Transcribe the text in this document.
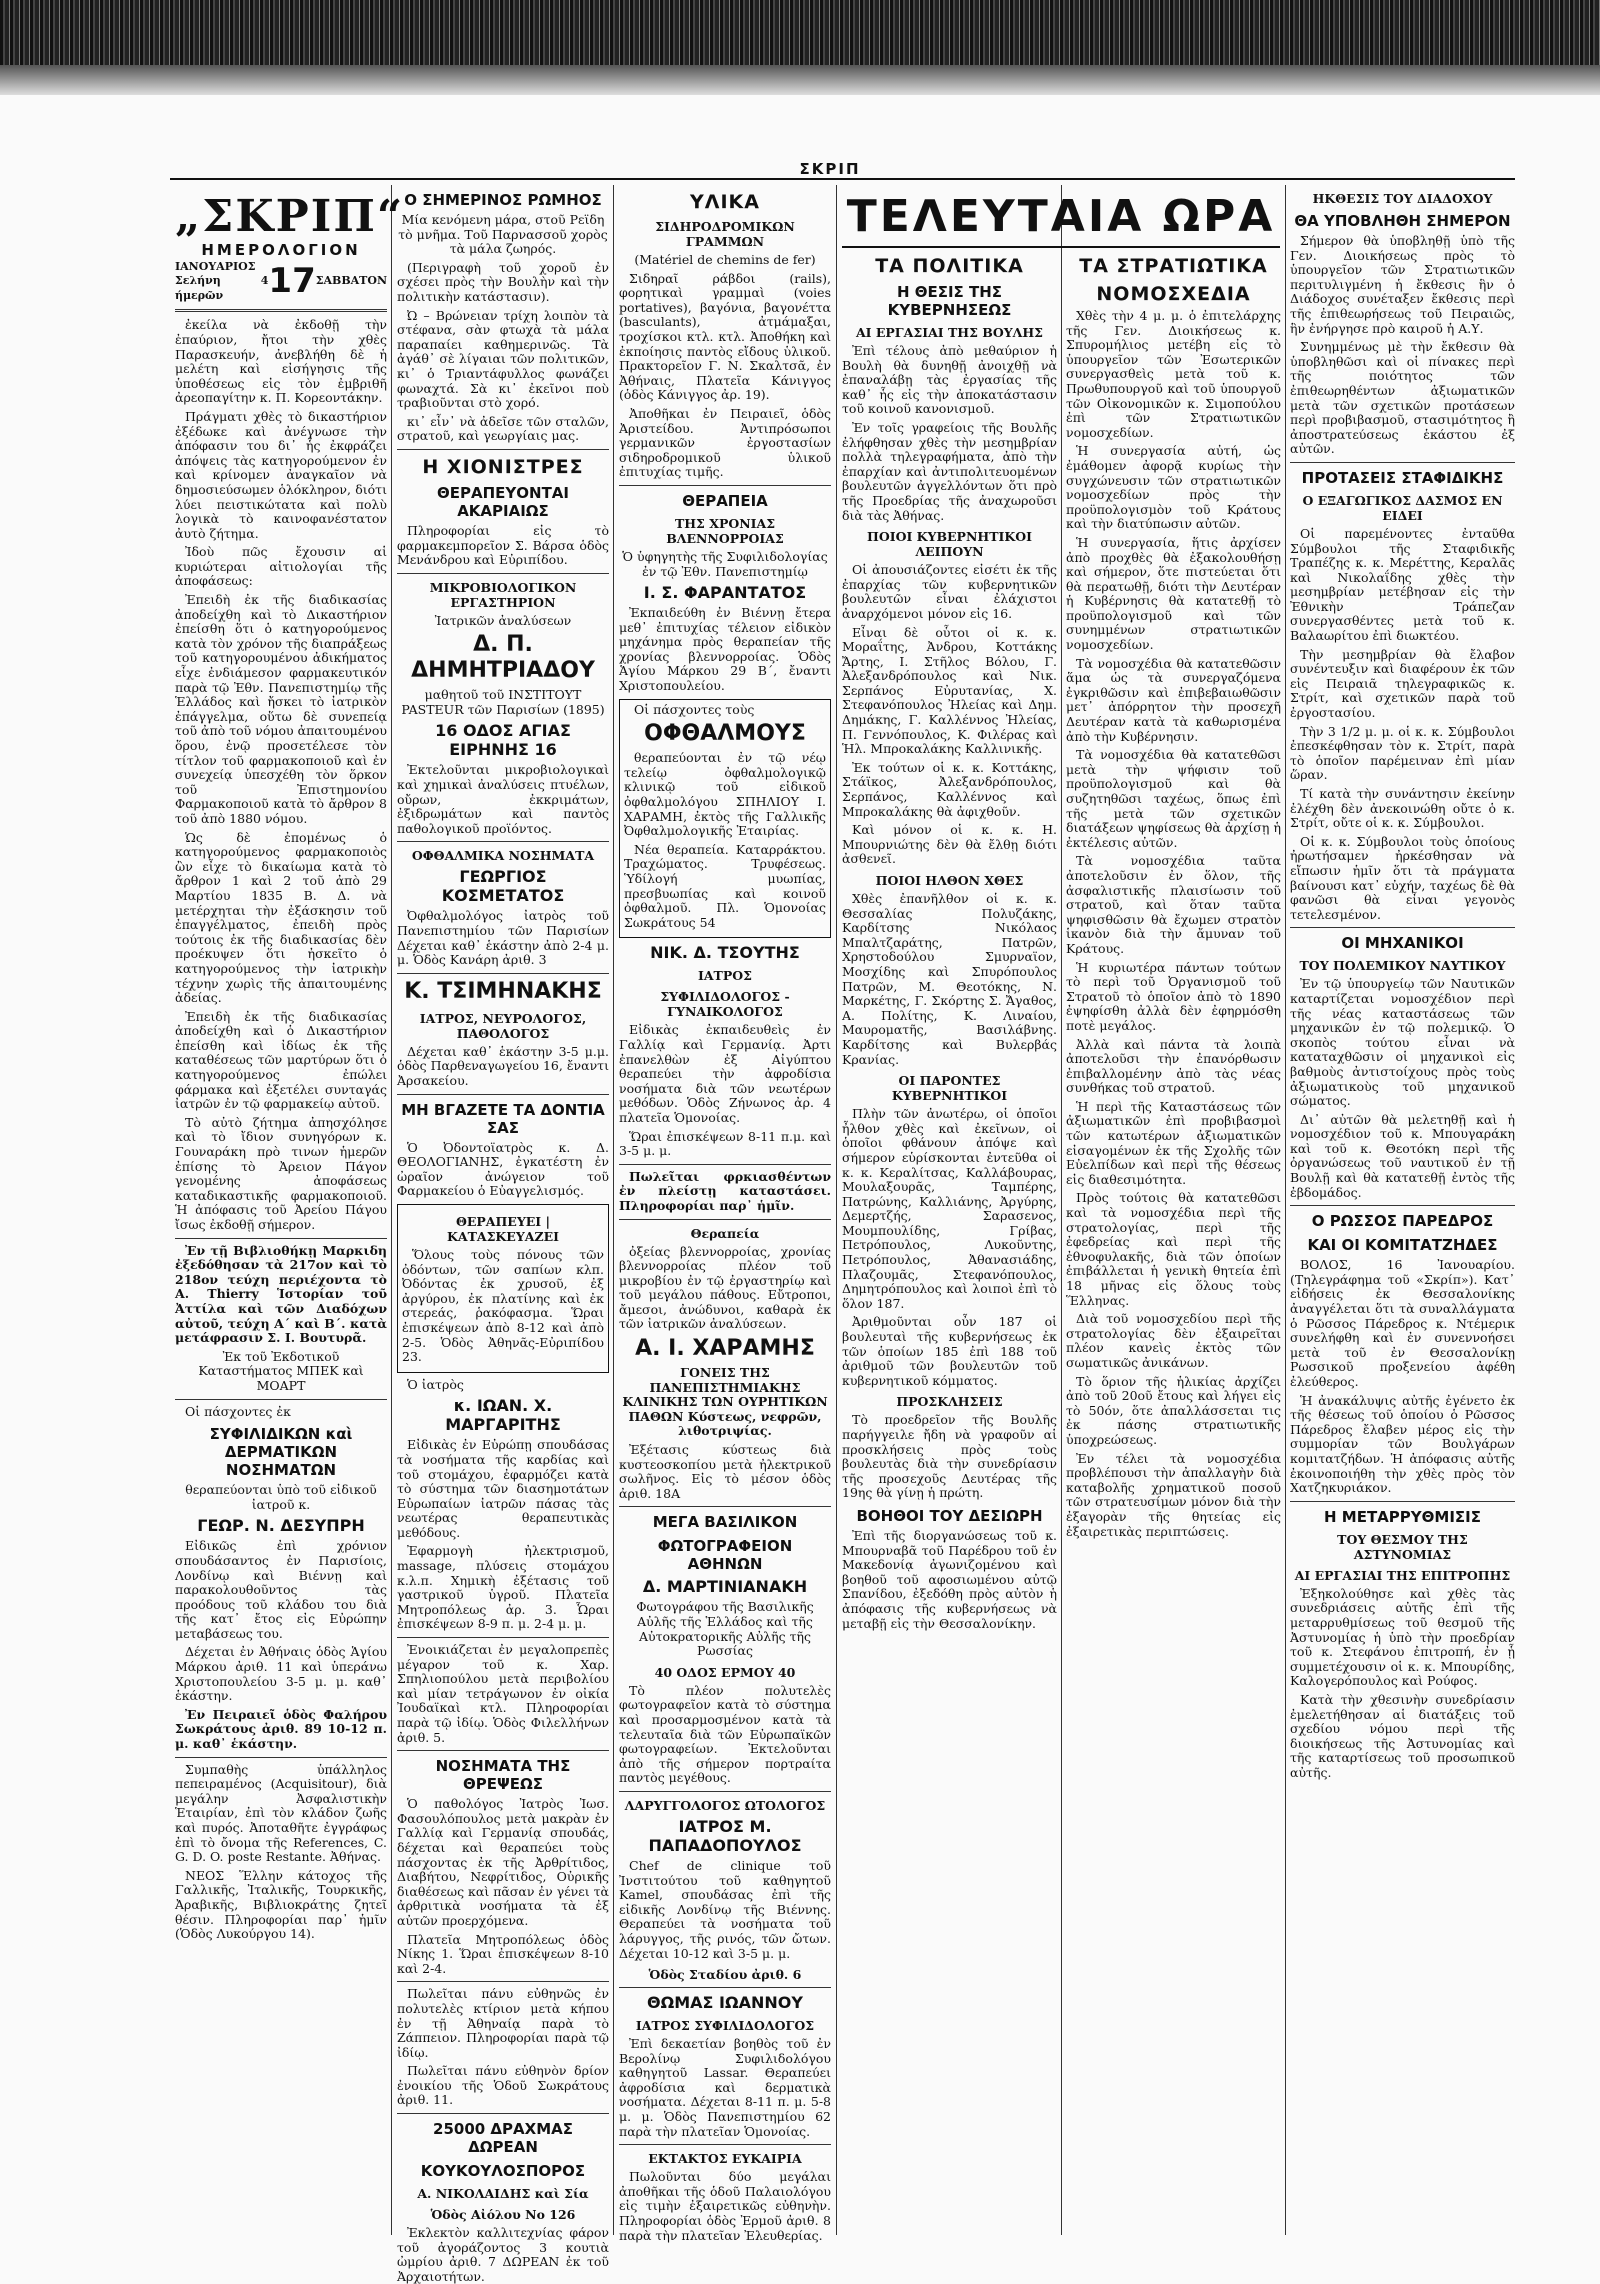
ΣΚΡΙΠ
„ΣΚΡΙΠ“
ΗΜΕΡΟΛΟΓΙΟΝ
ΙΑΝΟΥΑΡΙΟΣ
Σελήνη 4 ήμερῶν	17 ΣΑΒΒΑΤΟΝ

ἐκείλα νὰ ἐκδοθῇ τὴν ἐπαύριον, ἤτοι τὴν χθὲς Παρασκευήν, ἀνεβλήθη δὲ ἡ μελέτη καὶ εἰσήγησις τῆς ὑποθέσεως εἰς τὸν ἐμβριθῆ ἀρεοπαγίτην κ. Π. Κορεοντάκην.

Πράγματι χθὲς τὸ δικαστήριον ἐξέδωκε καὶ ἀνέγνωσε τὴν ἀπόφασιν του δι᾿ ἧς ἐκφράζει ἀπόψεις τὰς κατηγορούμενον ἐν καὶ κρίνομεν ἀναγκαῖον νὰ δημοσιεύσωμεν ὁλόκληρον, διότι λύει πειστικώτατα καὶ πολὺ λογικὰ τὸ καινοφανέστατον ἀυτὸ ζήτημα.

Ἰδοὺ πῶς ἔχουσιν αἱ κυριώτεραι αἰτιολογίαι τῆς ἀποφάσεως:

Ἐπειδὴ ἐκ τῆς διαδικασίας ἀποδείχθη καὶ τὸ Δικαστήριον ἐπείσθη ὅτι ὁ κατηγορούμενος κατὰ τὸν χρόνον τῆς διαπράξεως τοῦ κατηγορουμένου ἀδικήματος εἶχε ἐνδιάμεσον φαρμακευτικόν παρὰ τῷ Ἐθν. Πανεπιστημίῳ τῆς Ἑλλάδος καὶ ἤσκει τὸ ἰατρικὸν ἐπάγγελμα, οὕτω δὲ συνεπείᾳ τοῦ ἀπὸ τοῦ νόμου ἀπαιτουμένου ὅρου, ἐνῷ προσετέλεσε τὸν τίτλον τοῦ φαρμακοποιοῦ καὶ ἐν συνεχείᾳ ὑπεσχέθη τὸν ὅρκον τοῦ Ἐπιστημονίου Φαρμακοποιοῦ κατὰ τὸ ἄρθρον 8 τοῦ ἀπὸ 1880 νόμου.

Ὡς δὲ ἐπομένως ὁ κατηγορούμενος φαρμακοποιὸς ὢν εἶχε τὸ δικαίωμα κατὰ τὸ ἄρθρον 1 καὶ 2 τοῦ ἀπὸ 29 Μαρτίου 1835 Β. Δ. νὰ μετέρχηται τὴν ἐξάσκησιν τοῦ ἐπαγγέλματος, ἐπειδὴ πρὸς τούτοις ἐκ τῆς διαδικασίας δὲν προέκυψεν ὅτι ἠσκεῖτο ὁ κατηγορούμενος τὴν ἰατρικὴν τέχνην χωρὶς τῆς ἀπαιτουμένης ἀδείας.

Ἐπειδὴ ἐκ τῆς διαδικασίας ἀποδείχθη καὶ ὁ Δικαστήριον ἐπείσθη καὶ ἰδίως ἐκ τῆς καταθέσεως τῶν μαρτύρων ὅτι ὁ κατηγορούμενος ἐπώλει φάρμακα καὶ ἐξετέλει συνταγάς ἰατρῶν ἐν τῷ φαρμακείῳ αὐτοῦ.

Τὸ αὐτὸ ζήτημα ἀπησχόλησε καὶ τὸ ἴδιον συνηγόρων κ. Γουναράκη πρὸ τινων ἡμερῶν ἐπίσης τὸ Ἀρειον Πάγον γενομένης ἀποφάσεως καταδικαστικῆς φαρμακοποιοῦ. Ἡ ἀπόφασις τοῦ Ἀρείου Πάγου ἴσως ἐκδοθῇ σήμερον.

Ἐν τῇ Βιβλιοθήκῃ Μαρκιδη ἐξεδόθησαν τὰ 217ον καὶ τὸ 218ον τεύχη περιέχοντα τὸ A. Thierry Ἱστορίαν τοῦ Ἀττίλα καὶ τῶν Διαδόχων αὐτοῦ, τεύχη Α΄ καὶ Β΄. κατὰ μετάφρασιν Σ. Ι. Βουτυρᾶ.

Ἐκ τοῦ Ἐκδοτικοῦ Καταστήματος ΜΠΕΚ καὶ ΜΟΑΡΤ

Οἱ πάσχοντες ἐκ

ΣΥΦΙΛΙΔΙΚΩΝ καὶ ΔΕΡΜΑΤΙΚΩΝ ΝΟΣΗΜΑΤΩΝ

θεραπεύονται ὑπὸ τοῦ εἰδικοῦ ἰατροῦ κ.

ΓΕΩΡ. Ν. ΔΕΣΥΠΡΗ

Εἰδικῶς ἐπὶ χρόνιον σπουδάσαντος ἐν Παρισίοις, Λονδίνῳ καὶ Βιέννῃ καὶ παρακολουθοῦντος τὰς προόδους τοῦ κλάδου του διὰ τῆς κατ᾿ ἔτος εἰς Εὐρώπην μεταβάσεως του.

Δέχεται ἐν Ἀθήναις ὁδὸς Ἁγίου Μάρκου ἀριθ. 11 καὶ ὑπεράνω Χριστοπουλείου 3-5 μ. μ. καθ᾿ ἑκάστην.

Ἐν Πειραιεῖ ὁδὸς Φαλήρου Σωκράτους ἀριθ. 89 10-12 π. μ. καθ᾿ ἑκάστην.

Συμπαθὴς ὑπάλληλος πεπειραμένος (Acquisitour), διὰ μεγάλην Ἀσφαλιστικὴν Ἑταιρίαν, ἐπὶ τὸν κλάδον ζωῆς καὶ πυρός. Ἀποταθῆτε ἐγγράφως ἐπὶ τὸ ὄνομα τῆς References, C. G. D. O. poste Restante. Ἀθήνας.

ΝΕΟΣ Ἕλλην κάτοχος τῆς Γαλλικῆς, Ἰταλικῆς, Τουρκικῆς, Ἀραβικῆς, Βιβλιοκράτης ζητεῖ θέσιν. Πληροφορίαι παρ᾿ ἡμῖν (Ὁδὸς Λυκούργου 14).

Ο ΣΗΜΕΡΙΝΟΣ ΡΩΜΗΟΣ

Μία κενόμενη μάρα, στοῦ Ρεϊδη τὸ μνῆμα. Τοῦ Παρνασσοῦ χορὸς τὰ μάλα ζωηρός.

(Περιγραφὴ τοῦ χοροῦ ἐν σχέσει πρὸς τὴν Βουλὴν καὶ τὴν πολιτικὴν κατάστασιν).

Ὠ – Βρώνειαν τρίχη λοιπὸν τὰ στέφανα, σὰν φτωχὰ τὰ μάλα παραπαίει καθημερινῶς. Τὰ ἀγάθ᾿ σὲ λίγαιαι τῶν πολιτικῶν, κι᾿ ὁ Τριαντάφυλλος φωνάζει φωναχτά. Σὰ κι᾿ ἐκεῖνοι ποὺ τραβιοῦνται στὸ χορό.

κι᾿ εἶν᾿ νὰ ἀδεῖσε τῶν σταλῶν, στρατοῦ, καὶ γεωργίαις μας.

Η ΧΙΟΝΙΣΤΡΕΣ
ΘΕΡΑΠΕΥΟΝΤΑΙ ΑΚΑΡΙΑΙΩΣ

Πληροφορίαι εἰς τὸ φαρμακεμπορεῖον Σ. Βάρσα ὁδὸς Μενάνδρου καὶ Εὐριπίδου.

ΜΙΚΡΟΒΙΟΛΟΓΙΚΟΝ ΕΡΓΑΣΤΗΡΙΟΝ

Ἰατρικῶν ἀναλύσεων

Δ. Π. ΔΗΜΗΤΡΙΑΔΟΥ

μαθητοῦ τοῦ ΙΝΣΤΙΤΟΥΤ PASTEUR τῶν Παρισίων (1895)

16 ΟΔΟΣ ΑΓΙΑΣ ΕΙΡΗΝΗΣ 16

Ἐκτελοῦνται μικροβιολογικαὶ καὶ χημικαὶ ἀναλύσεις πτυέλων, οὔρων, ἐκκριμάτων, ἐξιδρωμάτων καὶ παντὸς παθολογικοῦ προϊόντος.

ΟΦΘΑΛΜΙΚΑ ΝΟΣΗΜΑΤΑ
ΓΕΩΡΓΙΟΣ ΚΟΣΜΕΤΑΤΟΣ

Ὀφθαλμολόγος ἰατρὸς τοῦ Πανεπιστημίου τῶν Παρισίων Δέχεται καθ᾿ ἑκάστην ἀπὸ 2-4 μ. μ. Ὁδὸς Κανάρη ἀριθ. 3

Κ. ΤΣΙΜΗΝΑΚΗΣ
ΙΑΤΡΟΣ, ΝΕΥΡΟΛΟΓΟΣ, ΠΑΘΟΛΟΓΟΣ

Δέχεται καθ᾿ ἑκάστην 3-5 μ.μ. ὁδὸς Παρθεναγωγείου 16, ἔναντι Ἀρσακείου.

ΜΗ ΒΓΑΖΕΤΕ ΤΑ ΔΟΝΤΙΑ ΣΑΣ

Ὁ Ὀδοντοϊατρὸς κ. Δ. ΘΕΟΛΟΓΙΑΝΗΣ, ἐγκατέστη ἐν ὠραῖον ἀνώγειον τοῦ Φαρμακείου ὁ Εὐαγγελισμός.

ΘΕΡΑΠΕΥΕΙ | ΚΑΤΑΣΚΕΥΑΖΕΙ

Ὅλους τοὺς πόνους τῶν ὀδόντων, τῶν σαπίων κλπ. Ὀδόντας ἐκ χρυσοῦ, ἐξ ἀργύρου, ἐκ πλατίνης καὶ ἐκ στερεάς, ῥακόφασμα. Ὥραι ἐπισκέψεων ἀπὸ 8-12 καὶ ἀπὸ 2-5. Ὁδὸς Ἀθηνᾶς-Εὐριπίδου 23.

Ὁ ἰατρὸς

κ. ΙΩΑΝ. Χ. ΜΑΡΓΑΡΙΤΗΣ

Εἰδικὰς ἐν Εὐρώπῃ σπουδάσας τὰ νοσήματα τῆς καρδίας καὶ τοῦ στομάχου, ἐφαρμόζει κατὰ τὸ σύστημα τῶν διασημοτάτων Εὐρωπαίων ἰατρῶν πάσας τὰς νεωτέρας θεραπευτικὰς μεθόδους.

Ἐφαρμογὴ ἠλεκτρισμοῦ, massage, πλύσεις στομάχου κ.λ.π. Χημικὴ ἐξέτασις τοῦ γαστρικοῦ ὑγροῦ. Πλατεῖα Μητροπόλεως ἀρ. 3. Ὧραι ἐπισκέψεων 8-9 π. μ. 2-4 μ. μ.

Ἐνοικιάζεται ἐν μεγαλοπρεπὲς μέγαρον τοῦ κ. Χαρ. Σπηλιοπούλου μετὰ περιβολίου καὶ μίαν τετράγωνον ἐν οἰκία Ἰουδαϊκαὶ κτλ. Πληροφορίαι παρὰ τῷ ἰδίῳ. Ὁδὸς Φιλελλήνων ἀριθ. 5.

ΝΟΣΗΜΑΤΑ ΤΗΣ ΘΡΕΨΕΩΣ

Ὁ παθολόγος Ἰατρὸς Ἰωσ. Φασουλόπουλος μετὰ μακρὰν ἐν Γαλλίᾳ καὶ Γερμανίᾳ σπουδάς, δέχεται καὶ θεραπεύει τοὺς πάσχοντας ἐκ τῆς Ἀρθρίτιδος, Διαβήτου, Νεφρίτιδος, Οὐρικῆς διαθέσεως καὶ πᾶσαν ἐν γένει τὰ ἀρθριτικὰ νοσήματα τὰ ἐξ αὐτῶν προερχόμενα.

Πλατεῖα Μητροπόλεως ὁδὸς Νίκης 1. Ὥραι ἐπισκέψεων 8-10 καὶ 2-4.

Πωλεῖται πάνυ εὐθηνῶς ἐν πολυτελὲς κτίριον μετὰ κήπου ἐν τῇ Ἀθηναίᾳ παρὰ τὸ Ζάππειον. Πληροφορίαι παρὰ τῷ ἰδίῳ.

Πωλεῖται πάνυ εὐθηνὸν δρίον ἐνοικίου τῆς Ὁδοῦ Σωκράτους ἀριθ. 11.

25000 ΔΡΑΧΜΑΣ ΔΩΡΕΑΝ
ΚΟΥΚΟΥΛΟΣΠΟΡΟΣ
Α. ΝΙΚΟΛΑΙΔΗΣ καὶ Σία
Ὁδὸς Αἰόλου Νο 126

Ἐκλεκτὸν καλλιτεχνίας φάρον τοῦ ἀγοράζοντος 3 κουτιὰ ὠμρίου ἀριθ. 7 ΔΩΡΕΑΝ ἐκ τοῦ Ἀρχαιοτήτων.

ΥΛΙΚΑ
ΣΙΔΗΡΟΔΡΟΜΙΚΩΝ ΓΡΑΜΜΩΝ

(Matériel de chemins de fer)

Σιδηραῖ ράβδοι (rails), φορητικαὶ γραμμαὶ (voies portatives), βαγόνια, βαγονέττα (basculants), ἀτμάμαξαι, τροχίσκοι κτλ. κτλ. Ἀποθήκη καὶ ἐκποίησις παντὸς εἴδους ὑλικοῦ. Πρακτορεῖον Γ. Ν. Σκαλτσᾶ, ἐν Ἀθήναις, Πλατεῖα Κάνιγγος (ὁδὸς Κάνιγγος ἀρ. 19).

Ἀποθῆκαι ἐν Πειραιεῖ, ὁδὸς Ἀριστείδου. Ἀντιπρόσωποι γερμανικῶν ἐργοστασίων σιδηροδρομικοῦ ὑλικοῦ ἐπιτυχίας τιμῆς.

ΘΕΡΑΠΕΙΑ
ΤΗΣ ΧΡΟΝΙΑΣ ΒΛΕΝΝΟΡΡΟΙΑΣ

Ὁ ὑφηγητὴς τῆς Συφιλιδολογίας ἐν τῷ Ἐθν. Πανεπιστημίῳ

Ι. Σ. ΦΑΡΑΝΤΑΤΟΣ

Ἐκπαιδεύθη ἐν Βιέννῃ ἔτερα μεθ᾿ ἐπιτυχίας τέλειον εἰδικὸν μηχάνημα πρὸς θεραπείαν τῆς χρονίας βλεννορροίας. Ὁδὸς Ἁγίου Μάρκου 29 Β΄, ἔναντι Χριστοπουλείου.

Οἱ πάσχοντες τοὺς

ΟΦΘΑΛΜΟΥΣ

θεραπεύονται ἐν τῷ νέῳ τελείῳ ὀφθαλμολογικῷ κλινικῷ τοῦ εἰδικοῦ ὀφθαλμολόγου ΣΠΗΛΙΟΥ Ι. ΧΑΡΑΜΗ, ἐκτὸς τῆς Γαλλικῆς Ὀφθαλμολογικῆς Ἑταιρίας.

Νέα θεραπεία. Καταρράκτου. Τραχώματος. Τρυφέσεως. Ὑδίλογή μυωπίας, πρεσβυωπίας καὶ κοινοῦ ὀφθαλμοῦ. Πλ. Ὁμονοίας Σωκράτους 54

ΝΙΚ. Δ. ΤΣΟΥΤΗΣ
ΙΑΤΡΟΣ
ΣΥΦΙΛΙΔΟΛΟΓΟΣ - ΓΥΝΑΙΚΟΛΟΓΟΣ

Εἰδικὰς ἐκπαιδευθεὶς ἐν Γαλλίᾳ καὶ Γερμανίᾳ. Ἀρτι ἐπανελθὼν ἐξ Αἰγύπτου θεραπεύει τὴν ἀφροδίσια νοσήματα διὰ τῶν νεωτέρων μεθόδων. Ὁδὸς Ζήνωνος ἀρ. 4 πλατεῖα Ὁμονοίας.

Ὥραι ἐπισκέψεων 8-11 π.μ. καὶ 3-5 μ. μ.

Πωλεῖται φρκιασθέντων ἐν πλείστῃ καταστάσει. Πληροφορίαι παρ᾿ ἡμῖν.

Θεραπεία

ὀξείας βλεννορροίας, χρονίας βλεννορροίας πλέον τοῦ μικροβίου ἐν τῷ ἐργαστηρίῳ καὶ τοῦ μεγάλου πάθους. Εὔτροποι, ἄμεσοι, ἀνώδυνοι, καθαρὰ ἐκ τῶν ἰατρικῶν ἀναλύσεων.

Α. Ι. ΧΑΡΑΜΗΣ

ΓΟΝΕΙΣ ΤΗΣ ΠΑΝΕΠΙΣΤΗΜΙΑΚΗΣ ΚΛΙΝΙΚΗΣ ΤΩΝ ΟΥΡΗΤΙΚΩΝ ΠΑΘΩΝ Κύστεως, νεφρῶν, λιθοτριψίας.

Ἐξέτασις κύστεως διὰ κυστεοσκοπίου μετὰ ἠλεκτρικοῦ σωλῆνος. Εἰς τὸ μέσον ὁδὸς ἀριθ. 18Α

ΜΕΓΑ ΒΑΣΙΛΙΚΟΝ
ΦΩΤΟΓΡΑΦΕΙΟΝ ΑΘΗΝΩΝ
Δ. ΜΑΡΤΙΝΙΑΝΑΚΗ

Φωτογράφου τῆς Βασιλικῆς Αὐλῆς τῆς Ἑλλάδος καὶ τῆς Αὐτοκρατορικῆς Αὐλῆς τῆς Ρωσσίας

40 ΟΔΟΣ ΕΡΜΟΥ 40

Τὸ πλέον πολυτελὲς φωτογραφεῖον κατὰ τὸ σύστημα καὶ προσαρμοσμένον κατὰ τὰ τελευταῖα διὰ τῶν Εὐρωπαϊκῶν φωτογραφείων. Ἐκτελοῦνται ἀπὸ τῆς σήμερον πορτραίτα παντὸς μεγέθους.

ΛΑΡΥΓΓΟΛΟΓΟΣ ΩΤΟΛΟΓΟΣ
ΙΑΤΡΟΣ Μ. ΠΑΠΑΔΟΠΟΥΛΟΣ

Chef de clinique τοῦ Ἰνστιτούτου τοῦ καθηγητοῦ Kamel, σπουδάσας ἐπὶ τῆς εἰδικῆς Λονδίνῳ τῆς Βιέννης. Θεραπεύει τὰ νοσήματα τοῦ λάρυγγος, τῆς ρινός, τῶν ὤτων. Δέχεται 10-12 καὶ 3-5 μ. μ.

Ὁδὸς Σταδίου ἀριθ. 6
ΘΩΜΑΣ ΙΩΑΝΝΟΥ
ΙΑΤΡΟΣ ΣΥΦΙΛΙΔΟΛΟΓΟΣ

Ἐπὶ δεκαετίαν βοηθὸς τοῦ ἐν Βερολίνῳ Συφιλιδολόγου καθηγητοῦ Lassar. Θεραπεύει ἀφροδίσια καὶ δερματικὰ νοσήματα. Δέχεται 8-11 π. μ. 5-8 μ. μ. Ὁδὸς Πανεπιστημίου 62 παρὰ τὴν πλατεῖαν Ὁμονοίας.

ΕΚΤΑΚΤΟΣ ΕΥΚΑΙΡΙΑ

Πωλοῦνται δύο μεγάλαι ἀποθῆκαι τῆς ὁδοῦ Παλαιολόγου εἰς τιμὴν ἐξαιρετικῶς εὐθηνὴν. Πληροφορίαι ὁδὸς Ἐρμοῦ ἀριθ. 8 παρὰ τὴν πλατεῖαν Ἐλευθερίας.

ΤΕΛΕΥΤΑΙΑ ΩΡΑ
ΤΑ ΠΟΛΙΤΙΚΑ
Η ΘΕΣΙΣ ΤΗΣ ΚΥΒΕΡΝΗΣΕΩΣ
ΑΙ ΕΡΓΑΣΙΑΙ ΤΗΣ ΒΟΥΛΗΣ

Ἐπὶ τέλους ἀπὸ μεθαύριον ἡ Βουλὴ θὰ δυνηθῇ ἀνοιχθῇ νὰ ἐπαναλάβῃ τὰς ἐργασίας τῆς καθ᾿ ἧς εἰς τὴν ἀποκατάστασιν τοῦ κοινοῦ κανονισμοῦ.

Ἐν τοῖς γραφείοις τῆς Βουλῆς ἐλήφθησαν χθὲς τὴν μεσημβρίαν πολλὰ τηλεγραφήματα, ἀπὸ τὴν ἐπαρχίαν καὶ ἀντιπολιτευομένων βουλευτῶν ἀγγελλόντων ὅτι πρὸ τῆς Προεδρίας τῆς ἀναχωροῦσι διὰ τὰς Ἀθήνας.

ΠΟΙΟΙ ΚΥΒΕΡΝΗΤΙΚΟΙ ΛΕΙΠΟΥΝ

Οἱ ἀπουσιάζοντες εἰσέτι ἐκ τῆς ἐπαρχίας τῶν κυβερνητικῶν βουλευτῶν εἶναι ἐλάχιστοι ἀναρχόμενοι μόνον εἰς 16.

Εἶναι δὲ οὗτοι οἱ κ. κ. Μοραΐτης, Ἀνδρου, Κοττάκης Ἄρτης, Ι. Στῆλος Βόλου, Γ. Ἀλεξανδρόπουλος καὶ Νικ. Σερπάνος Εὐρυτανίας, Χ. Στεφανόπουλος Ἠλείας καὶ Δημ. Δημάκης, Γ. Καλλέννος Ἠλείας, Π. Γεννόπουλος, Κ. Φιλέρας καὶ Ἡλ. Μπροκαλάκης Καλλινικῆς.

Ἐκ τούτων οἱ κ. κ. Κοττάκης, Στάϊκος, Ἀλεξανδρόπουλος, Σερπάνος, Καλλέννος καὶ Μπροκαλάκης θὰ ἀφιχθοῦν.

Καὶ μόνον οἱ κ. κ. Η. Μπουρνιώτης δὲν θὰ ἔλθῃ διότι ἀσθενεῖ.

ΠΟΙΟΙ ΗΛΘΟΝ ΧΘΕΣ

Χθὲς ἐπανῆλθον οἱ κ. κ. Θεσσαλίας Πολυζάκης, Καρδίτσης Νικόλαος Μπαλτζαράτης, Πατρῶν, Χρηστοδούλου Σμυρναϊον, Μοσχίδης καὶ Σπυρόπουλος Πατρῶν, Μ. Θεοτόκης, Ν. Μαρκέτης, Γ. Σκόρτης Σ. Ἄγαθος, Α. Πολίτης, Κ. Λιναίου, Μαυροματῆς, Βασιλάβνης. Καρδίτσης καὶ Βυλερβάς Κρανίας.

ΟΙ ΠΑΡΟΝΤΕΣ ΚΥΒΕΡΝΗΤΙΚΟΙ

Πλὴν τῶν ἀνωτέρω, οἱ ὁποῖοι ἦλθον χθὲς καὶ ἐκεῖνων, οἱ ὁποῖοι φθάνουν ἀπόψε καὶ σήμερον εὑρίσκονται ἐντεῦθα οἱ κ. κ. Κεραλίτσας, Καλλάβουρας, Μουλαξουρᾶς, Ταμπέρης, Πατρώνης, Καλλιάνης, Ἀργύρης, Δεμερτζής, Σαρασενος, Μουμπουλίδης, Γρίβας, Πετρόπουλος, Λυκοῦντης, Πετρόπουλος, Ἀθανασιάδης, Πλαζουμᾶς, Στεφανόπουλος, Δημητρόπουλος καὶ λοιποὶ ἐπὶ τὸ ὅλον 187.

Ἀριθμοῦνται οὖν 187 οἱ βουλευταὶ τῆς κυβερνήσεως ἐκ τῶν ὁποίων 185 ἐπὶ 188 τοῦ ἀριθμοῦ τῶν βουλευτῶν τοῦ κυβερνητικοῦ κόμματος.

ΠΡΟΣΚΛΗΣΕΙΣ

Τὸ προεδρεῖον τῆς Βουλῆς παρήγγειλε ἤδη νὰ γραφοῦν αἱ προσκλήσεις πρὸς τοὺς βουλευτὰς διὰ τὴν συνεδρίασιν τῆς προσεχοῦς Δευτέρας τῆς 19ης θὰ γίνῃ ἡ πρώτη.

ΒΟΗΘΟΙ ΤΟΥ ΔΕΣΙΩΡΗ

Ἐπὶ τῆς διοργανώσεως τοῦ κ. Μπουρναβᾶ τοῦ Παρέδρου τοῦ ἐν Μακεδονίᾳ ἀγωνιζομένου καὶ βοηθοῦ τοῦ αφοσιωμένου αὐτῷ Σπανίδου, ἐξεδόθη πρὸς αὐτὸν ἡ ἀπόφασις τῆς κυβερνήσεως νὰ μεταβῇ εἰς τὴν Θεσσαλονίκην.

ΤΑ ΣΤΡΑΤΙΩΤΙΚΑ
ΝΟΜΟΣΧΕΔΙΑ

Χθὲς τὴν 4 μ. μ. ὁ ἐπιτελάρχης τῆς Γεν. Διοικήσεως κ. Σπυρομήλιος μετέβη εἰς τὸ ὑπουργεῖον τῶν Ἐσωτερικῶν συνεργασθεὶς μετὰ τοῦ κ. Πρωθυπουργοῦ καὶ τοῦ ὑπουργοῦ τῶν Οἰκονομικῶν κ. Σιμοπούλου ἐπὶ τῶν Στρατιωτικῶν νομοσχεδίων.

Ἡ συνεργασία αὐτή, ὡς ἐμάθομεν ἀφορᾷ κυρίως τὴν συγχώνευσιν τῶν στρατιωτικῶν νομοσχεδίων πρὸς τὴν προϋπολογισμὸν τοῦ Κράτους καὶ τὴν διατύπωσιν αὐτῶν.

Ἡ συνεργασία, ἥτις ἀρχίσεν ἀπὸ προχθὲς θὰ ἐξακολουθήσῃ καὶ σήμερον, ὅτε πιστεύεται ὅτι θὰ περατωθῇ, διότι τὴν Δευτέραν ἡ Κυβέρνησις θὰ κατατεθῇ τὸ προϋπολογισμοῦ καὶ τῶν συνημμένων στρατιωτικῶν νομοσχεδίων.

Τὰ νομοσχέδια θὰ κατατεθῶσιν ἅμα ὡς τὰ συνεργαζόμενα ἐγκριθῶσιν καὶ ἐπιβεβαιωθῶσιν μετ᾿ ἀπόρρητον τὴν προσεχῆ Δευτέραν κατὰ τὰ καθωρισμένα ἀπὸ τὴν Κυβέρνησιν.

Τὰ νομοσχέδια θὰ κατατεθῶσι μετὰ τὴν ψήφισιν τοῦ προϋπολογισμοῦ καὶ θὰ συζητηθῶσι ταχέως, ὅπως ἐπὶ τῆς μετὰ τῶν σχετικῶν διατάξεων ψηφίσεως θὰ ἀρχίσῃ ἡ ἐκτέλεσις αὐτῶν.

Τὰ νομοσχέδια ταῦτα ἀποτελοῦσιν ἐν ὅλον, τῆς ἀσφαλιστικῆς πλαισίωσιν τοῦ στρατοῦ, καὶ ὅταν ταῦτα ψηφισθῶσιν θὰ ἔχωμεν στρατὸν ἱκανὸν διὰ τὴν ἄμυναν τοῦ Κράτους.

Ἡ κυριωτέρα πάντων τούτων τὸ περὶ τοῦ Ὀργανισμοῦ τοῦ Στρατοῦ τὸ ὁποῖον ἀπὸ τὸ 1890 ἐψηφίσθη ἀλλὰ δὲν ἐφηρμόσθη ποτὲ μεγάλος.

Ἀλλὰ καὶ πάντα τὰ λοιπὰ ἀποτελοῦσι τὴν ἐπανόρθωσιν ἐπιβαλλομένην ἀπὸ τὰς νέας συνθήκας τοῦ στρατοῦ.

Ἡ περὶ τῆς Καταστάσεως τῶν ἀξιωματικῶν ἐπὶ προβιβασμοὶ τῶν κατωτέρων ἀξιωματικῶν εἰσαγομένων ἐκ τῆς Σχολῆς τῶν Εὐελπίδων καὶ περὶ τῆς θέσεως εἰς διαθεσιμότητα.

Πρὸς τούτοις θὰ κατατεθῶσι καὶ τὰ νομοσχέδια περὶ τῆς στρατολογίας, περὶ τῆς ἐφεδρείας καὶ περὶ τῆς ἐθνοφυλακῆς, διὰ τῶν ὁποίων ἐπιβάλλεται ἡ γενικὴ θητεία ἐπὶ 18 μῆνας εἰς ὅλους τοὺς Ἕλληνας.

Διὰ τοῦ νομοσχεδίου περὶ τῆς στρατολογίας δὲν ἐξαιρεῖται πλέον κανεὶς ἐκτὸς τῶν σωματικῶς ἀνικάνων.

Τὸ ὅριον τῆς ἡλικίας ἀρχίζει ἀπὸ τοῦ 20οῦ ἔτους καὶ λήγει εἰς τὸ 50όν, ὅτε ἀπαλλάσσεται τις ἐκ πάσης στρατιωτικῆς ὑποχρεώσεως.

Ἐν τέλει τὰ νομοσχέδια προβλέπουσι τὴν ἀπαλλαγὴν διὰ καταβολῆς χρηματικοῦ ποσοῦ τῶν στρατευσίμων μόνον διὰ τὴν ἐξαγορὰν τῆς θητείας εἰς ἐξαιρετικὰς περιπτώσεις.

ΗΚΘΕΣΙΣ ΤΟΥ ΔΙΑΔΟΧΟΥ
ΘΑ ΥΠΟΒΛΗΘΗ ΣΗΜΕΡΟΝ

Σήμερον θὰ ὑποβληθῇ ὑπὸ τῆς Γεν. Διοικήσεως πρὸς τὸ ὑπουργεῖον τῶν Στρατιωτικῶν περιτυλιγμένη ἡ ἔκθεσις ἣν ὁ Διάδοχος συνέταξεν ἔκθεσις περὶ τῆς ἐπιθεωρήσεως τοῦ Πειραιῶς, ἣν ἐνήργησε πρὸ καιροῦ ἡ Α.Υ.

Συνημμένως μὲ τὴν ἔκθεσιν θὰ ὑποβληθῶσι καὶ οἱ πίνακες περὶ τῆς ποιότητος τῶν ἐπιθεωρηθέντων ἀξιωματικῶν μετὰ τῶν σχετικῶν προτάσεων περὶ προβιβασμοῦ, στασιμότητος ἢ ἀποστρατεύσεως ἑκάστου ἐξ αὐτῶν.

ΠΡΟΤΑΣΕΙΣ ΣΤΑΦΙΔΙΚΗΣ
Ο ΕΞΑΓΩΓΙΚΟΣ ΔΑΣΜΟΣ ΕΝ ΕΙΔΕΙ

Οἱ παρεμένοντες ἐνταῦθα Σύμβουλοι τῆς Σταφιδικῆς Τραπέζης κ. κ. Μερέττης, Κεραλᾶς καὶ Νικολαΐδης χθὲς τὴν μεσημβρίαν μετέβησαν εἰς τὴν Ἐθνικὴν Τράπεζαν συνεργασθέντες μετὰ τοῦ κ. Βαλαωρίτου ἐπὶ διωκτέου.

Τὴν μεσημβρίαν θὰ ἔλαβον συνέντευξιν καὶ διαφέρουν ἐκ τῶν εἰς Πειραιᾶ τηλεγραφικῶς κ. Στρίτ, καὶ σχετικῶν παρὰ τοῦ ἐργοστασίου.

Τὴν 3 1/2 μ. μ. οἱ κ. κ. Σύμβουλοι ἐπεσκέφθησαν τὸν κ. Στρίτ, παρὰ τὸ ὁποῖον παρέμειναν ἐπὶ μίαν ὥραν.

Τί κατὰ τὴν συνάντησιν ἐκείνην ἐλέχθη δὲν ἀνεκοινώθη οὔτε ὁ κ. Στρίτ, οὔτε οἱ κ. κ. Σύμβουλοι.

Οἱ κ. κ. Σύμβουλοι τοὺς ὁποίους ἠρωτήσαμεν ἠρκέσθησαν νὰ εἴπωσιν ἡμῖν ὅτι τὰ πράγματα βαίνουσι κατ᾿ εὐχήν, ταχέως δὲ θὰ φανῶσι θὰ εἶναι γεγονὸς τετελεσμένον.

ΟΙ ΜΗΧΑΝΙΚΟΙ
ΤΟΥ ΠΟΛΕΜΙΚΟΥ ΝΑΥΤΙΚΟΥ

Ἐν τῷ ὑπουργείῳ τῶν Ναυτικῶν καταρτίζεται νομοσχέδιον περὶ τῆς νέας καταστάσεως τῶν μηχανικῶν ἐν τῷ πολεμικῷ. Ὁ σκοπὸς τούτου εἶναι νὰ καταταχθῶσιν οἱ μηχανικοὶ εἰς βαθμοὺς ἀντιστοίχους πρὸς τοὺς ἀξιωματικοὺς τοῦ μηχανικοῦ σώματος.

Δι᾿ αὐτῶν θὰ μελετηθῇ καὶ ἡ νομοσχέδιον τοῦ κ. Μπουγαράκη καὶ τοῦ κ. Θεοτόκη περὶ τῆς ὀργανώσεως τοῦ ναυτικοῦ ἐν τῇ Βουλῇ καὶ θὰ κατατεθῇ ἐντὸς τῆς ἐβδομάδος.

Ο ΡΩΣΣΟΣ ΠΑΡΕΔΡΟΣ
ΚΑΙ ΟΙ ΚΟΜΙΤΑΤΖΗΔΕΣ

ΒΟΛΟΣ, 16 Ἰανουαρίου. (Τηλεγράφημα τοῦ «Σκρίπ»). Κατ᾿ εἰδήσεις ἐκ Θεσσαλονίκης ἀναγγέλεται ὅτι τὰ συναλλάγματα ὁ Ρῶσσος Πάρεδρος κ. Ντέμερικ συνελήφθη καὶ ἐν συνεννοήσει μετὰ τοῦ ἐν Θεσσαλονίκῃ Ρωσσικοῦ προξενείου ἀφέθη ἐλεύθερος.

Ἡ ἀνακάλυψις αὐτῆς ἐγένετο ἐκ τῆς θέσεως τοῦ ὁποίου ὁ Ρῶσσος Πάρεδρος ἔλαβεν μέρος εἰς τὴν συμμορίαν τῶν Βουλγάρων κομιτατζήδων. Ἡ ἀπόφασις αὐτῆς ἐκοινοποιήθη τὴν χθὲς πρὸς τὸν Χατζηκυριάκον.

Η ΜΕΤΑΡΡΥΘΜΙΣΙΣ
ΤΟΥ ΘΕΣΜΟΥ ΤΗΣ ΑΣΤΥΝΟΜΙΑΣ
ΑΙ ΕΡΓΑΣΙΑΙ ΤΗΣ ΕΠΙΤΡΟΠΗΣ

Ἐξηκολούθησε καὶ χθὲς τὰς συνεδριάσεις αὐτῆς ἐπὶ τῆς μεταρρυθμίσεως τοῦ θεσμοῦ τῆς Ἀστυνομίας ἡ ὑπὸ τὴν προεδρίαν τοῦ κ. Στεφάνου ἐπιτροπή, ἐν ᾗ συμμετέχουσιν οἱ κ. κ. Μπουρίδης, Καλογερόπουλος καὶ Ρούφος.

Κατὰ τὴν χθεσινὴν συνεδρίασιν ἐμελετήθησαν αἱ διατάξεις τοῦ σχεδίου νόμου περὶ τῆς διοικήσεως τῆς Ἀστυνομίας καὶ τῆς καταρτίσεως τοῦ προσωπικοῦ αὐτῆς.
